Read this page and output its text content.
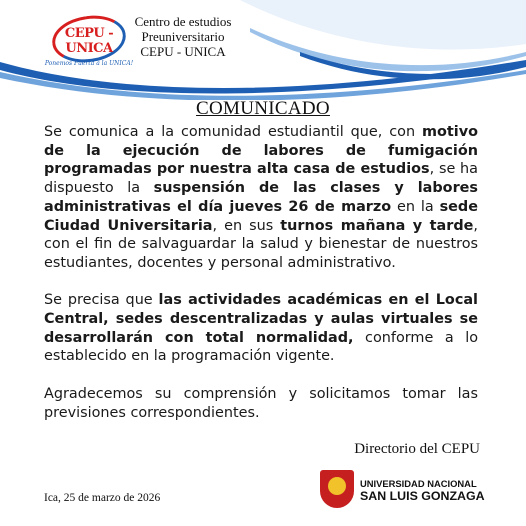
CEPU - UNICA
Ponemos Puerta a la UNICA!
Centro de estudios
Preuniversitario
CEPU - UNICA
COMUNICADO

Se comunica a la comunidad estudiantil que, con motivo de la ejecución de labores de fumigación programadas por nuestra alta casa de estudios, se ha dispuesto la suspensión de las clases y labores administrativas el día jueves 26 de marzo en la sede Ciudad Universitaria, en sus turnos mañana y tarde, con el fin de salvaguardar la salud y bienestar de nuestros estudiantes, docentes y personal administrativo.

Se precisa que las actividades académicas en el Local Central, sedes descentralizadas y aulas virtuales se desarrollarán con total normalidad, conforme a lo establecido en la programación vigente.

Agradecemos su comprensión y solicitamos tomar las previsiones correspondientes.

Directorio del CEPU
Ica, 25 de marzo de 2026
UNIVERSIDAD NACIONAL
SAN LUIS GONZAGA
